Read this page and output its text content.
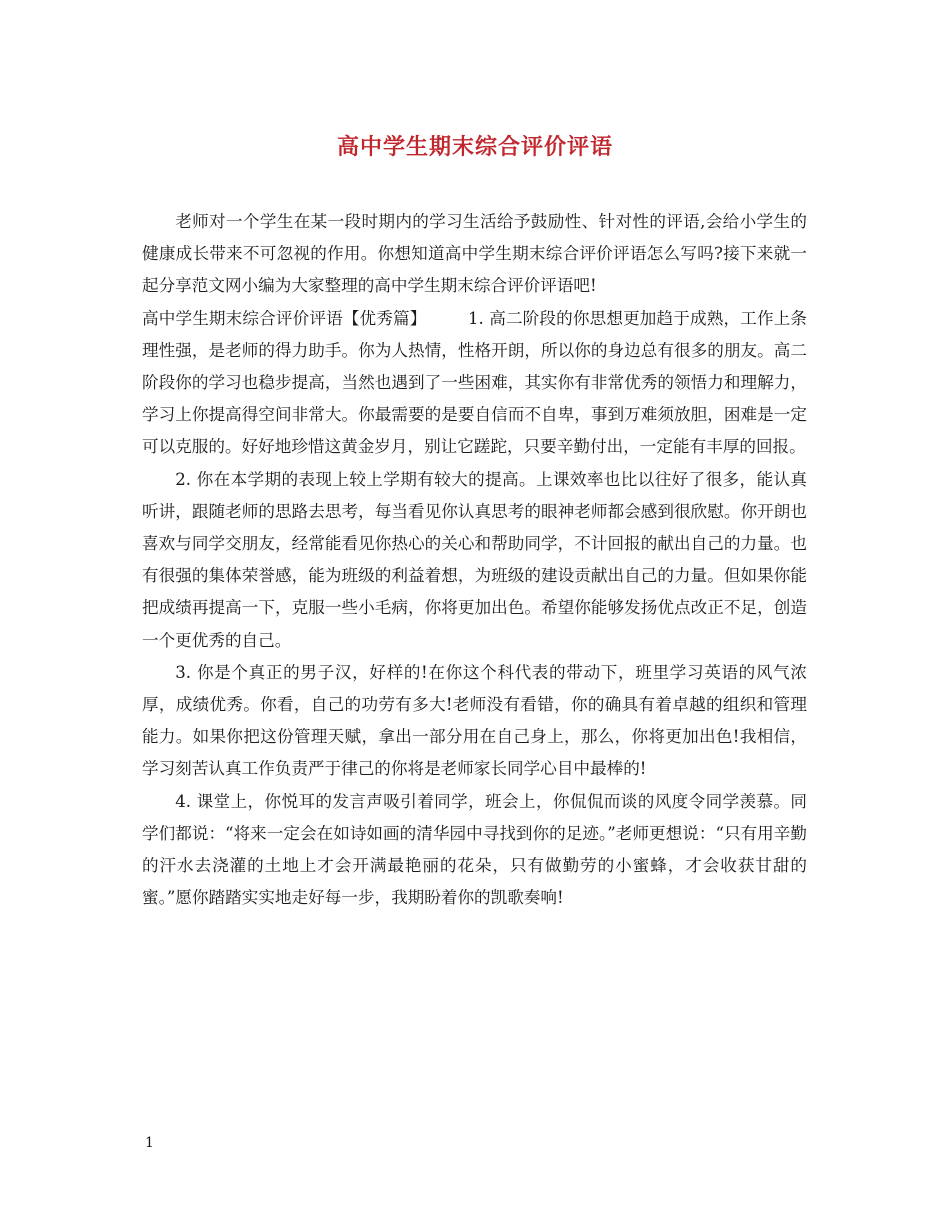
高中学生期末综合评价评语

老师对一个学生在某一段时期内的学习生活给予鼓励性、针对性的评语,会给小学生的健康成长带来不可忽视的作用。你想知道高中学生期末综合评价评语怎么写吗?接下来就一起分享范文网小编为大家整理的高中学生期末综合评价评语吧!
高中学生期末综合评价评语【优秀篇】	1. 高二阶段的你思想更加趋于成熟，工作上条理性强，是老师的得力助手。你为人热情，性格开朗，所以你的身边总有很多的朋友。高二阶段你的学习也稳步提高，当然也遇到了一些困难，其实你有非常优秀的领悟力和理解力，学习上你提高得空间非常大。你最需要的是要自信而不自卑，事到万难须放胆，困难是一定可以克服的。好好地珍惜这黄金岁月，别让它蹉跎，只要辛勤付出，一定能有丰厚的回报。

2. 你在本学期的表现上较上学期有较大的提高。上课效率也比以往好了很多，能认真听讲，跟随老师的思路去思考，每当看见你认真思考的眼神老师都会感到很欣慰。你开朗也喜欢与同学交朋友，经常能看见你热心的关心和帮助同学，不计回报的献出自己的力量。也有很强的集体荣誉感，能为班级的利益着想，为班级的建设贡献出自己的力量。但如果你能把成绩再提高一下，克服一些小毛病，你将更加出色。希望你能够发扬优点改正不足，创造一个更优秀的自己。

3. 你是个真正的男子汉，好样的!在你这个科代表的带动下，班里学习英语的风气浓厚，成绩优秀。你看，自己的功劳有多大!老师没有看错，你的确具有着卓越的组织和管理能力。如果你把这份管理天赋，拿出一部分用在自己身上，那么，你将更加出色!我相信，学习刻苦认真工作负责严于律己的你将是老师家长同学心目中最棒的!

4. 课堂上，你悦耳的发言声吸引着同学，班会上，你侃侃而谈的风度令同学羡慕。同学们都说：“将来一定会在如诗如画的清华园中寻找到你的足迹。”老师更想说：“只有用辛勤的汗水去浇灌的土地上才会开满最艳丽的花朵，只有做勤劳的小蜜蜂，才会收获甘甜的蜜。”愿你踏踏实实地走好每一步，我期盼着你的凯歌奏响!

1
